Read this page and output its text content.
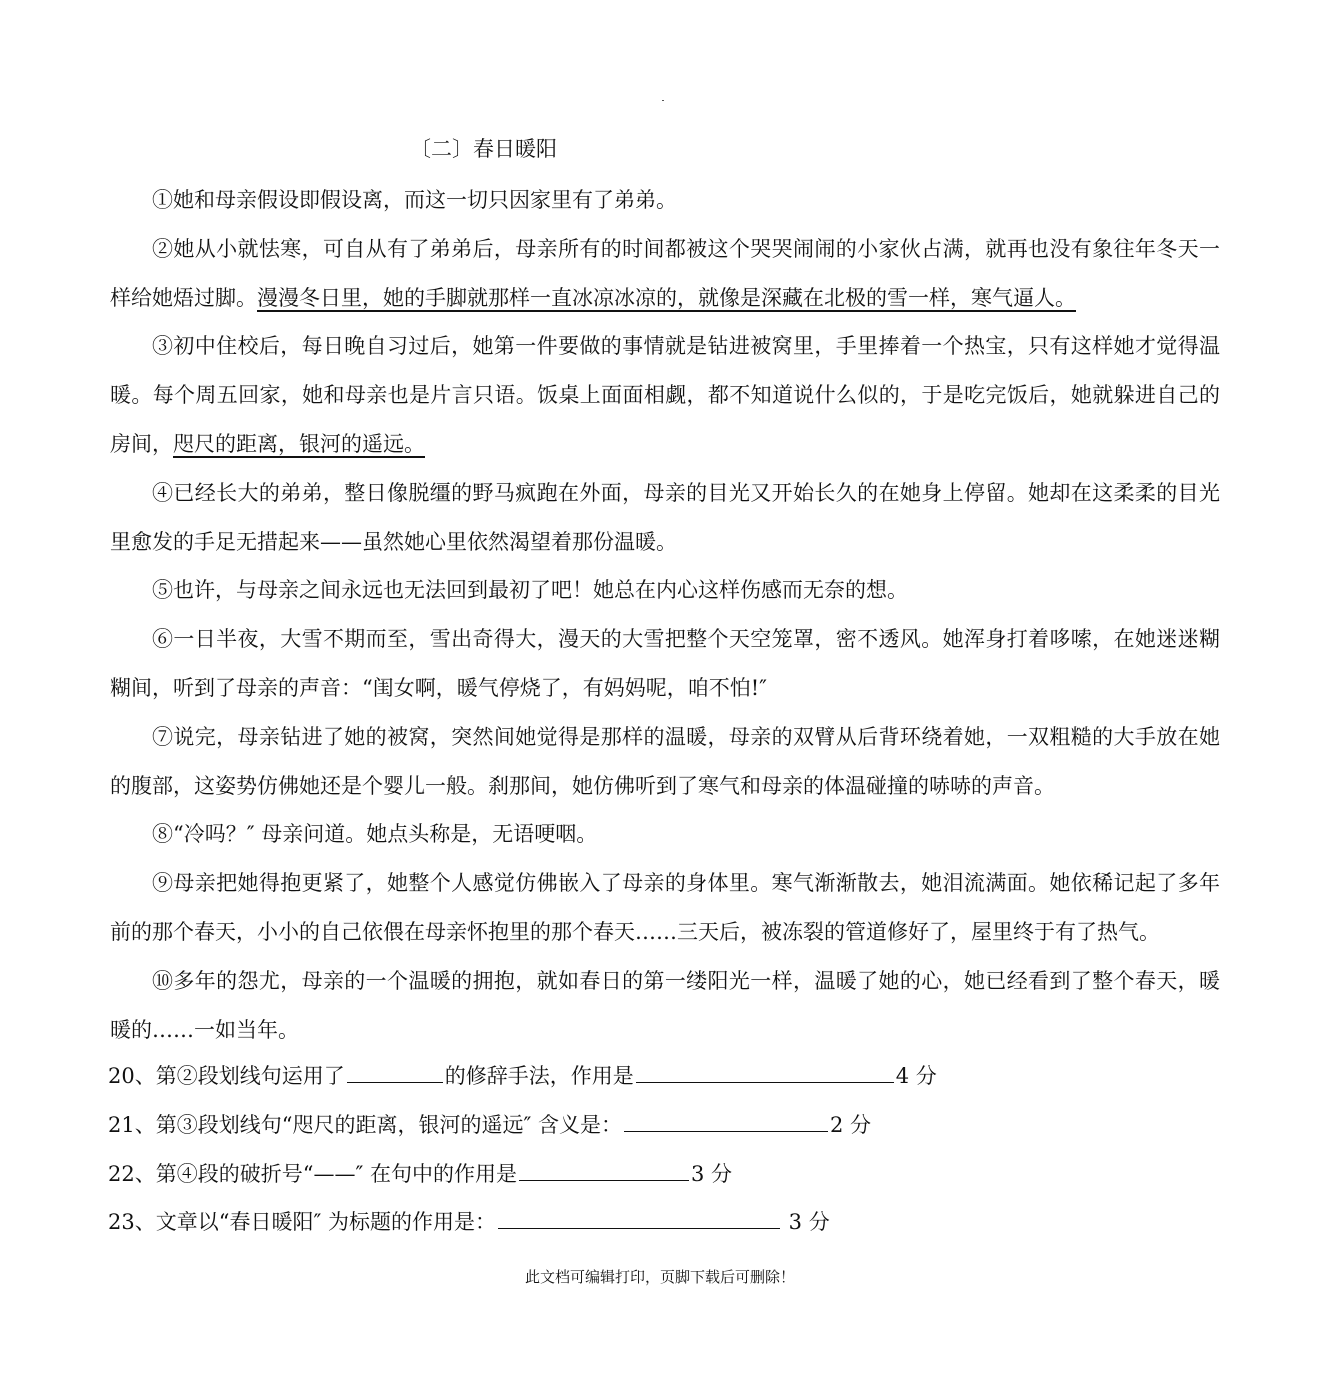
〔二〕春日暖阳

①她和母亲假设即假设离，而这一切只因家里有了弟弟。

②她从小就怯寒，可自从有了弟弟后，母亲所有的时间都被这个哭哭闹闹的小家伙占满，就再也没有象往年冬天一样给她焐过脚。漫漫冬日里，她的手脚就那样一直冰凉冰凉的，就像是深藏在北极的雪一样，寒气逼人。

③初中住校后，每日晚自习过后，她第一件要做的事情就是钻进被窝里，手里捧着一个热宝，只有这样她才觉得温暖。每个周五回家，她和母亲也是片言只语。饭桌上面面相觑，都不知道说什么似的，于是吃完饭后，她就躲进自己的房间，咫尺的距离，银河的遥远。

④已经长大的弟弟，整日像脱缰的野马疯跑在外面，母亲的目光又开始长久的在她身上停留。她却在这柔柔的目光里愈发的手足无措起来——虽然她心里依然渴望着那份温暖。

⑤也许，与母亲之间永远也无法回到最初了吧！她总在内心这样伤感而无奈的想。

⑥一日半夜，大雪不期而至，雪出奇得大，漫天的大雪把整个天空笼罩，密不透风。她浑身打着哆嗦，在她迷迷糊糊间，听到了母亲的声音：“闺女啊，暖气停烧了，有妈妈呢，咱不怕!″

⑦说完，母亲钻进了她的被窝，突然间她觉得是那样的温暖，母亲的双臂从后背环绕着她，一双粗糙的大手放在她的腹部，这姿势仿佛她还是个婴儿一般。刹那间，她仿佛听到了寒气和母亲的体温碰撞的哧哧的声音。

⑧“冷吗？″ 母亲问道。她点头称是，无语哽咽。

⑨母亲把她得抱更紧了，她整个人感觉仿佛嵌入了母亲的身体里。寒气渐渐散去，她泪流满面。她依稀记起了多年前的那个春天，小小的自己依偎在母亲怀抱里的那个春天……三天后，被冻裂的管道修好了，屋里终于有了热气。

⑩多年的怨尤，母亲的一个温暖的拥抱，就如春日的第一缕阳光一样，温暖了她的心，她已经看到了整个春天，暖暖的……一如当年。

20、第②段划线句运用了	的修辞手法，作用是	4 分

21、第③段划线句“咫尺的距离，银河的遥远″ 含义是：	2 分

22、第④段的破折号“——″ 在句中的作用是	3 分

23、文章以“春日暖阳″ 为标题的作用是：	3 分

此文档可编辑打印，页脚下载后可删除！
